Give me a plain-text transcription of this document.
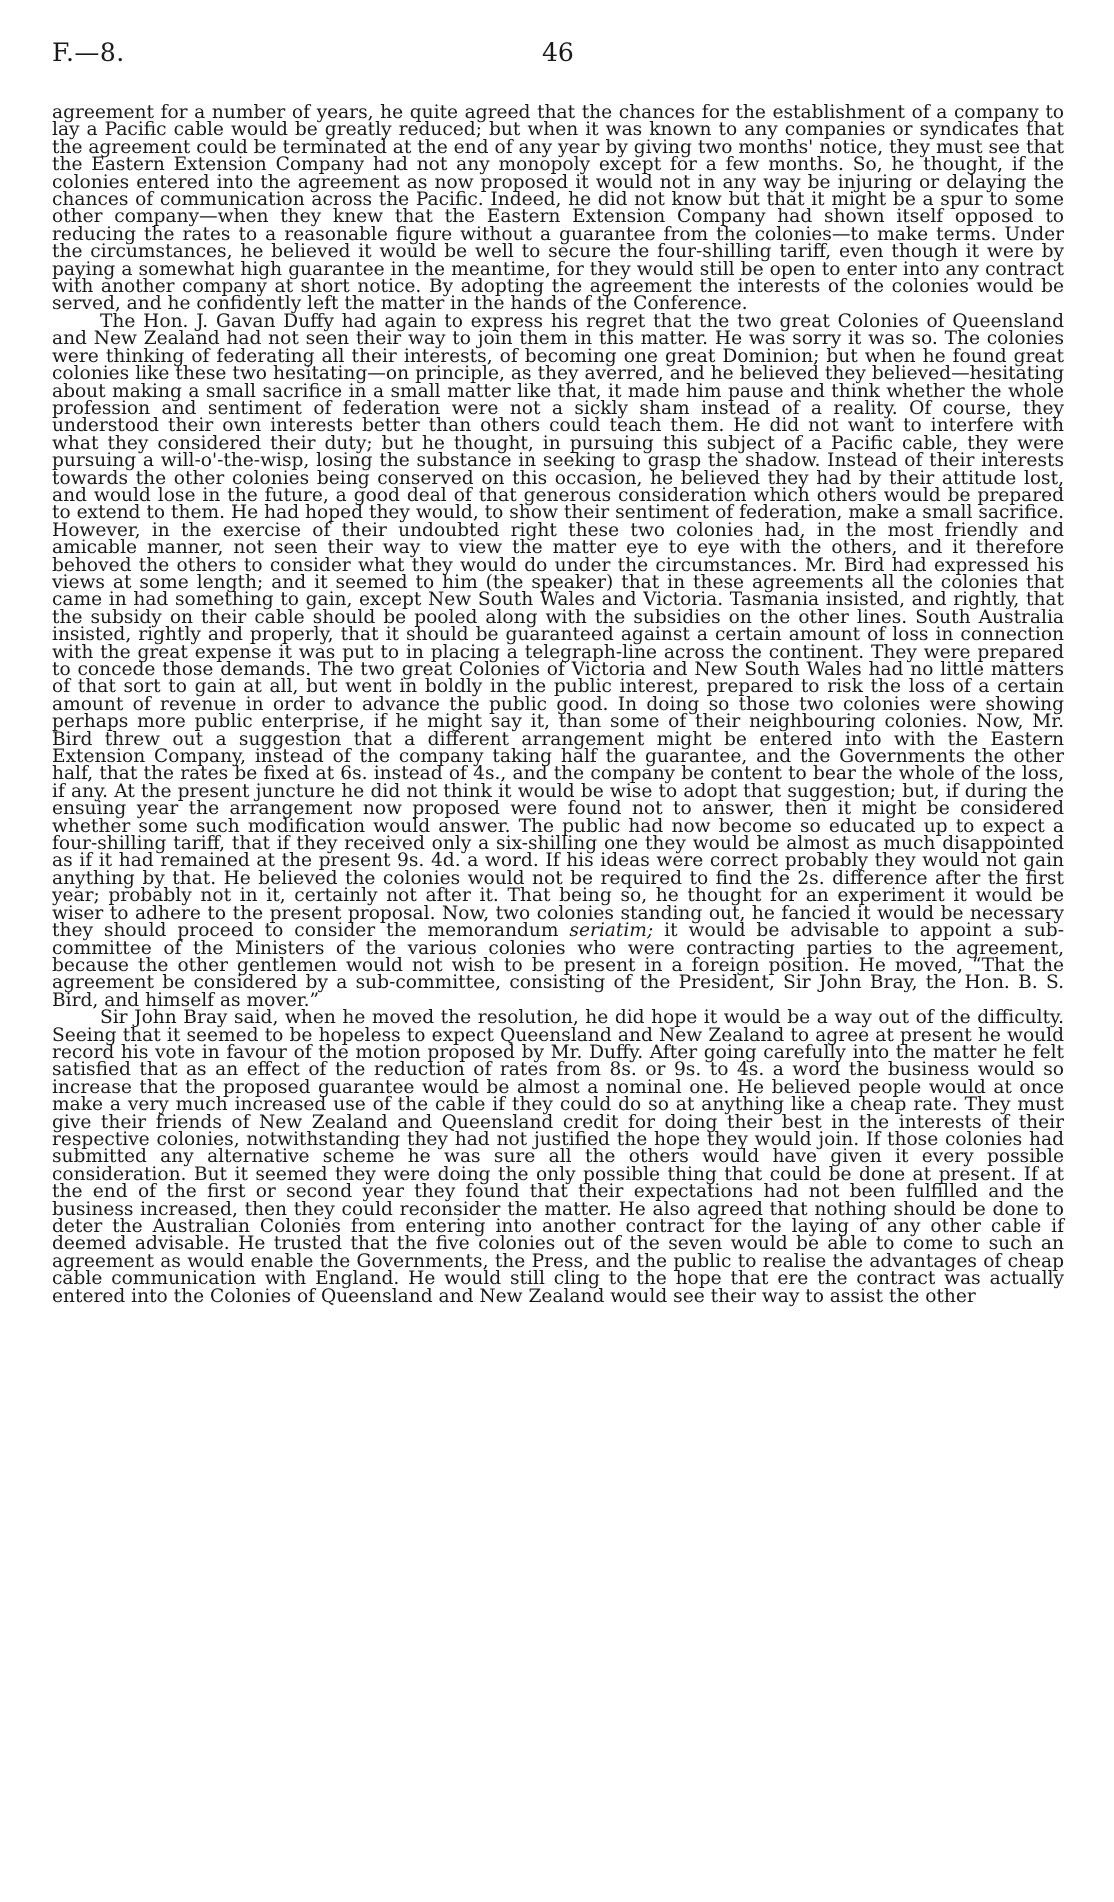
F.—8.	46

agreement for a number of years, he quite agreed that the chances for the establishment of a company to lay a Pacific cable would be greatly reduced; but when it was known to any companies or syndicates that the agreement could be terminated at the end of any year by giving two months' notice, they must see that the Eastern Extension Company had not any monopoly except for a few months. So, he thought, if the colonies entered into the agreement as now proposed it would not in any way be injuring or delaying the chances of communication across the Pacific. Indeed, he did not know but that it might be a spur to some other company—when they knew that the Eastern Extension Company had shown itself opposed to reducing the rates to a reasonable figure without a guarantee from the colonies—to make terms. Under the circumstances, he believed it would be well to secure the four-shilling tariff, even though it were by paying a somewhat high guarantee in the meantime, for they would still be open to enter into any contract with another company at short notice. By adopting the agreement the interests of the colonies would be served, and he confidently left the matter in the hands of the Conference.

The Hon. J. Gavan Duffy had again to express his regret that the two great Colonies of Queensland and New Zealand had not seen their way to join them in this matter. He was sorry it was so. The colonies were thinking of federating all their interests, of becoming one great Dominion; but when he found great colonies like these two hesitating—on principle, as they averred, and he believed they believed—hesitating about making a small sacrifice in a small matter like that, it made him pause and think whether the whole profession and sentiment of federation were not a sickly sham instead of a reality. Of course, they understood their own interests better than others could teach them. He did not want to interfere with what they considered their duty; but he thought, in pursuing this subject of a Pacific cable, they were pursuing a will-o'-the-wisp, losing the substance in seeking to grasp the shadow. Instead of their interests towards the other colonies being conserved on this occasion, he believed they had by their attitude lost, and would lose in the future, a good deal of that generous consideration which others would be prepared to extend to them. He had hoped they would, to show their sentiment of federation, make a small sacrifice. However, in the exercise of their undoubted right these two colonies had, in the most friendly and amicable manner, not seen their way to view the matter eye to eye with the others, and it therefore behoved the others to consider what they would do under the circumstances. Mr. Bird had expressed his views at some length; and it seemed to him (the speaker) that in these agreements all the colonies that came in had something to gain, except New South Wales and Victoria. Tasmania insisted, and rightly, that the subsidy on their cable should be pooled along with the subsidies on the other lines. South Australia insisted, rightly and properly, that it should be guaranteed against a certain amount of loss in connection with the great expense it was put to in placing a telegraph-line across the continent. They were prepared to concede those demands. The two great Colonies of Victoria and New South Wales had no little matters of that sort to gain at all, but went in boldly in the public interest, prepared to risk the loss of a certain amount of revenue in order to advance the public good. In doing so those two colonies were showing perhaps more public enterprise, if he might say it, than some of their neighbouring colonies. Now, Mr. Bird threw out a suggestion that a different arrangement might be entered into with the Eastern Extension Company, instead of the company taking half the guarantee, and the Governments the other half, that the rates be fixed at 6s. instead of 4s., and the company be content to bear the whole of the loss, if any. At the present juncture he did not think it would be wise to adopt that suggestion; but, if during the ensuing year the arrangement now proposed were found not to answer, then it might be considered whether some such modification would answer. The public had now become so educated up to expect a four-shilling tariff, that if they received only a six-shilling one they would be almost as much disappointed as if it had remained at the present 9s. 4d. a word. If his ideas were correct probably they would not gain anything by that. He believed the colonies would not be required to find the 2s. difference after the first year; probably not in it, certainly not after it. That being so, he thought for an experiment it would be wiser to adhere to the present proposal. Now, two colonies standing out, he fancied it would be necessary they should proceed to consider the memorandum seriatim; it would be advisable to appoint a sub-committee of the Ministers of the various colonies who were contracting parties to the agreement, because the other gentlemen would not wish to be present in a foreign position. He moved, “That the agreement be considered by a sub-committee, consisting of the President, Sir John Bray, the Hon. B. S. Bird, and himself as mover.”

Sir John Bray said, when he moved the resolution, he did hope it would be a way out of the difficulty. Seeing that it seemed to be hopeless to expect Queensland and New Zealand to agree at present he would record his vote in favour of the motion proposed by Mr. Duffy. After going carefully into the matter he felt satisfied that as an effect of the reduction of rates from 8s. or 9s. to 4s. a word the business would so increase that the proposed guarantee would be almost a nominal one. He believed people would at once make a very much increased use of the cable if they could do so at anything like a cheap rate. They must give their friends of New Zealand and Queensland credit for doing their best in the interests of their respective colonies, notwithstanding they had not justified the hope they would join. If those colonies had submitted any alternative scheme he was sure all the others would have given it every possible consideration. But it seemed they were doing the only possible thing that could be done at present. If at the end of the first or second year they found that their expectations had not been fulfilled and the business increased, then they could reconsider the matter. He also agreed that nothing should be done to deter the Australian Colonies from entering into another contract for the laying of any other cable if deemed advisable. He trusted that the five colonies out of the seven would be able to come to such an agreement as would enable the Governments, the Press, and the public to realise the advantages of cheap cable communication with England. He would still cling to the hope that ere the contract was actually entered into the Colonies of Queensland and New Zealand would see their way to assist the other
